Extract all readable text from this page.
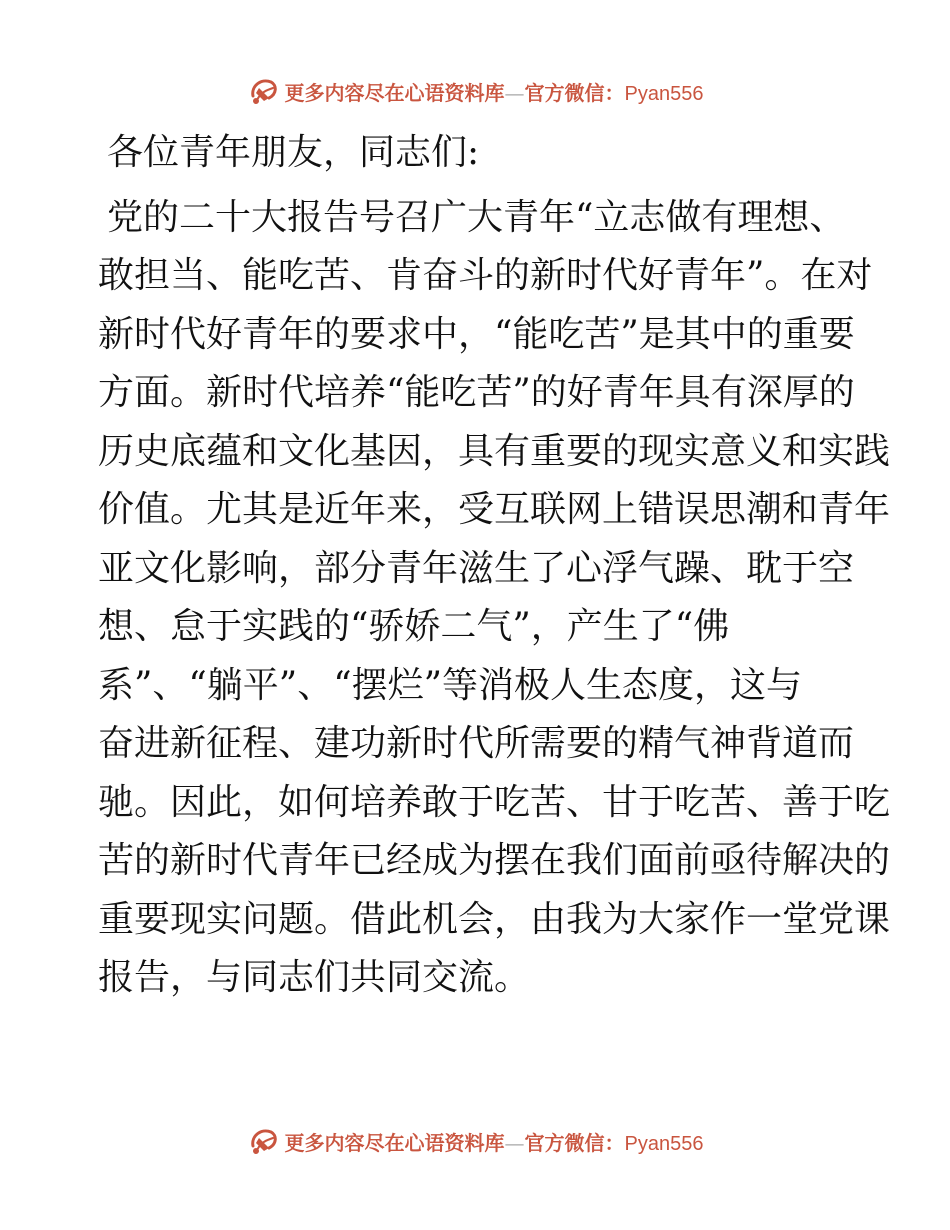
更多内容尽在心语资料库—官方微信：Pyan556
各位青年朋友，同志们:
党的二十大报告号召广大青年“立志做有理想、
敢担当、能吃苦、肯奋斗的新时代好青年”。在对
新时代好青年的要求中，“能吃苦”是其中的重要
方面。新时代培养“能吃苦”的好青年具有深厚的
历史底蕴和文化基因，具有重要的现实意义和实践
价值。尤其是近年来，受互联网上错误思潮和青年
亚文化影响，部分青年滋生了心浮气躁、耽于空
想、怠于实践的“骄娇二气”，产生了“佛
系”、“躺平”、“摆烂”等消极人生态度，这与
奋进新征程、建功新时代所需要的精气神背道而
驰。因此，如何培养敢于吃苦、甘于吃苦、善于吃
苦的新时代青年已经成为摆在我们面前亟待解决的
重要现实问题。借此机会，由我为大家作一堂党课
报告，与同志们共同交流。
更多内容尽在心语资料库—官方微信：Pyan556
